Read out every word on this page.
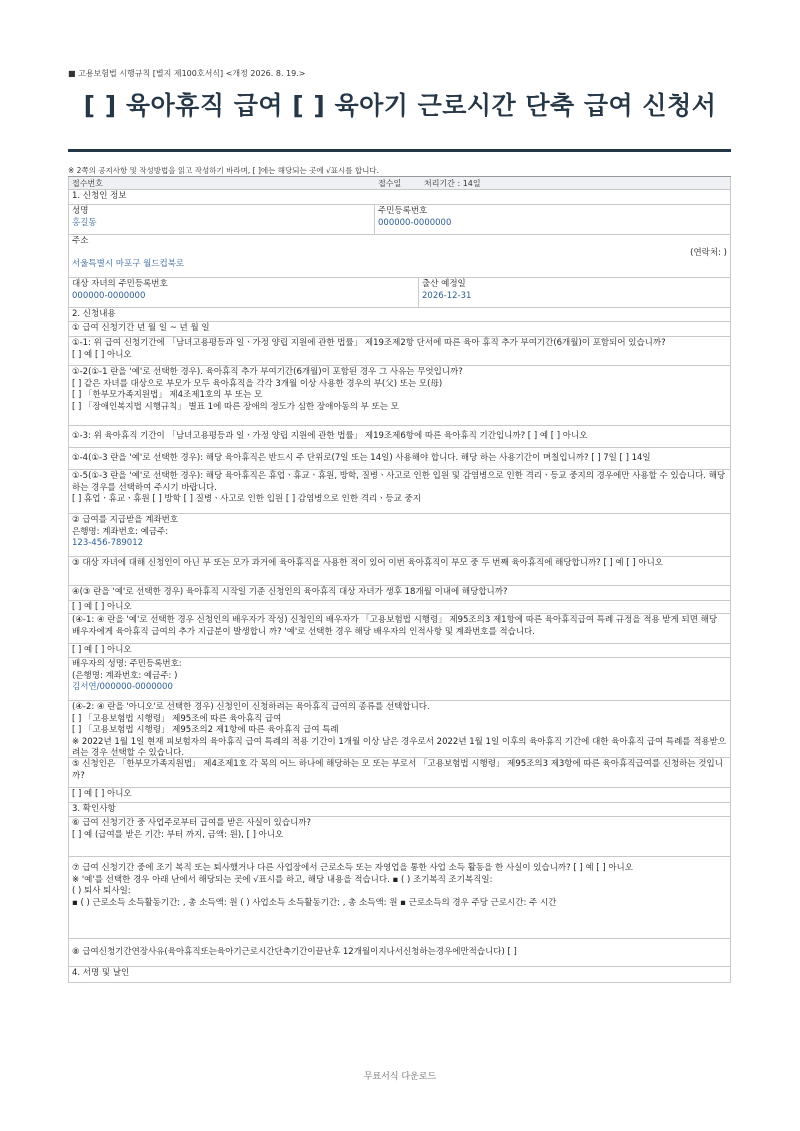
■ 고용보험법 시행규칙 [별지 제100호서식] <개정 2026. 8. 19.>
[ ] 육아휴직 급여 [ ] 육아기 근로시간 단축 급여 신청서
※ 2쪽의 공지사항 및 작성방법을 읽고 작성하기 바라며, [ ]에는 해당되는 곳에 √표시를 합니다.
접수번호	접수일	처리기간 : 14일
1. 신청인 정보
성명
홍길동
주민등록번호
000000-0000000
주소
(연락처: )
서울특별시 마포구 월드컵북로
대상 자녀의 주민등록번호
000000-0000000
출산 예정일
2026-12-31
2. 신청내용
① 급여 신청기간 년 월 일 ~ 년 월 일
①-1: 위 급여 신청기간에 「남녀고용평등과 일ㆍ가정 양립 지원에 관한 법률」 제19조제2항 단서에 따른 육아 휴직 추가 부여기간(6개월)이 포함되어 있습니까?
[ ] 예 [ ] 아니오
①-2(①-1 란을 '예'로 선택한 경우). 육아휴직 추가 부여기간(6개월)이 포함된 경우 그 사유는 무엇입니까?
[ ] 같은 자녀를 대상으로 부모가 모두 육아휴직을 각각 3개월 이상 사용한 경우의 부(父) 또는 모(母)
[ ] 「한부모가족지원법」 제4조제1호의 부 또는 모
[ ] 「장애인복지법 시행규칙」 별표 1에 따른 장애의 정도가 심한 장애아동의 부 또는 모
①-3: 위 육아휴직 기간이 「남녀고용평등과 일ㆍ가정 양립 지원에 관한 법률」 제19조제6항에 따른 육아휴직 기간입니까? [ ] 예 [ ] 아니오
①-4(①-3 란을 '예'로 선택한 경우): 해당 육아휴직은 반드시 주 단위로(7일 또는 14일) 사용해야 합니다. 해당 하는 사용기간이 며칠입니까? [ ] 7일 [ ] 14일
①-5(①-3 란을 '예'로 선택한 경우): 해당 육아휴직은 휴업ㆍ휴교ㆍ휴원, 방학, 질병ㆍ사고로 인한 입원 및 감염병으로 인한 격리ㆍ등교 중지의 경우에만 사용할 수 있습니다. 해당하는 경우를 선택하여 주시기 바랍니다.
[ ] 휴업ㆍ휴교ㆍ휴원 [ ] 방학 [ ] 질병ㆍ사고로 인한 입원 [ ] 감염병으로 인한 격리ㆍ등교 중지
② 급여를 지급받을 계좌번호
은행명: 계좌번호: 예금주:
123-456-789012
③ 대상 자녀에 대해 신청인이 아닌 부 또는 모가 과거에 육아휴직을 사용한 적이 있어 이번 육아휴직이 부모 중 두 번째 육아휴직에 해당합니까? [ ] 예 [ ] 아니오
④(③ 란을 '예'로 선택한 경우) 육아휴직 시작일 기준 신청인의 육아휴직 대상 자녀가 생후 18개월 이내에 해당합니까?
[ ] 예 [ ] 아니오
(④-1: ④ 란을 '예'로 선택한 경우 신청인의 배우자가 작성) 신청인의 배우자가 「고용보험법 시행령」 제95조의3 제1항에 따른 육아휴직급여 특례 규정을 적용 받게 되면 해당 배우자에게 육아휴직 급여의 추가 지급분이 발생합니 까? '예'로 선택한 경우 해당 배우자의 인적사항 및 계좌번호를 적습니다.
[ ] 예 [ ] 아니오
배우자의 성명: 주민등록번호:
(은행명: 계좌번호: 예금주: )
김서연/000000-0000000
(④-2: ④ 란을 '아니오'로 선택한 경우) 신청인이 신청하려는 육아휴직 급여의 종류를 선택합니다.
[ ] 「고용보험법 시행령」 제95조에 따른 육아휴직 급여
[ ] 「고용보험법 시행령」 제95조의2 제1항에 따른 육아휴직 급여 특례
※ 2022년 1월 1일 현재 피보험자의 육아휴직 급여 특례의 적용 기간이 1개월 이상 남은 경우로서 2022년 1월 1일 이후의 육아휴직 기간에 대한 육아휴직 급여 특례를 적용받으려는 경우 선택할 수 있습니다.
⑤ 신청인은 「한부모가족지원법」 제4조제1호 각 목의 어느 하나에 해당하는 모 또는 부로서 「고용보험법 시행령」 제95조의3 제3항에 따른 육아휴직급여를 신청하는 것입니까?
[ ] 예 [ ] 아니오
3. 확인사항
⑥ 급여 신청기간 중 사업주로부터 급여를 받은 사실이 있습니까?
[ ] 예 (급여를 받은 기간: 부터 까지, 금액: 원), [ ] 아니오
⑦ 급여 신청기간 중에 조기 복직 또는 퇴사했거나 다른 사업장에서 근로소득 또는 자영업을 통한 사업 소득 활동을 한 사실이 있습니까? [ ] 예 [ ] 아니오
※ '예'를 선택한 경우 아래 난에서 해당되는 곳에 √표시를 하고, 해당 내용을 적습니다. ▪ ( ) 조기복직 조기복직일:
( ) 퇴사 퇴사일:
▪ ( ) 근로소득 소득활동기간: , 총 소득액: 원 ( ) 사업소득 소득활동기간: , 총 소득액: 원 ▪ 근로소득의 경우 주당 근로시간: 주 시간
⑧ 급여신청기간연장사유(육아휴직또는육아기근로시간단축기간이끝난후 12개월이지나서신청하는경우에만적습니다) [ ]
4. 서명 및 날인
무료서식 다운로드
